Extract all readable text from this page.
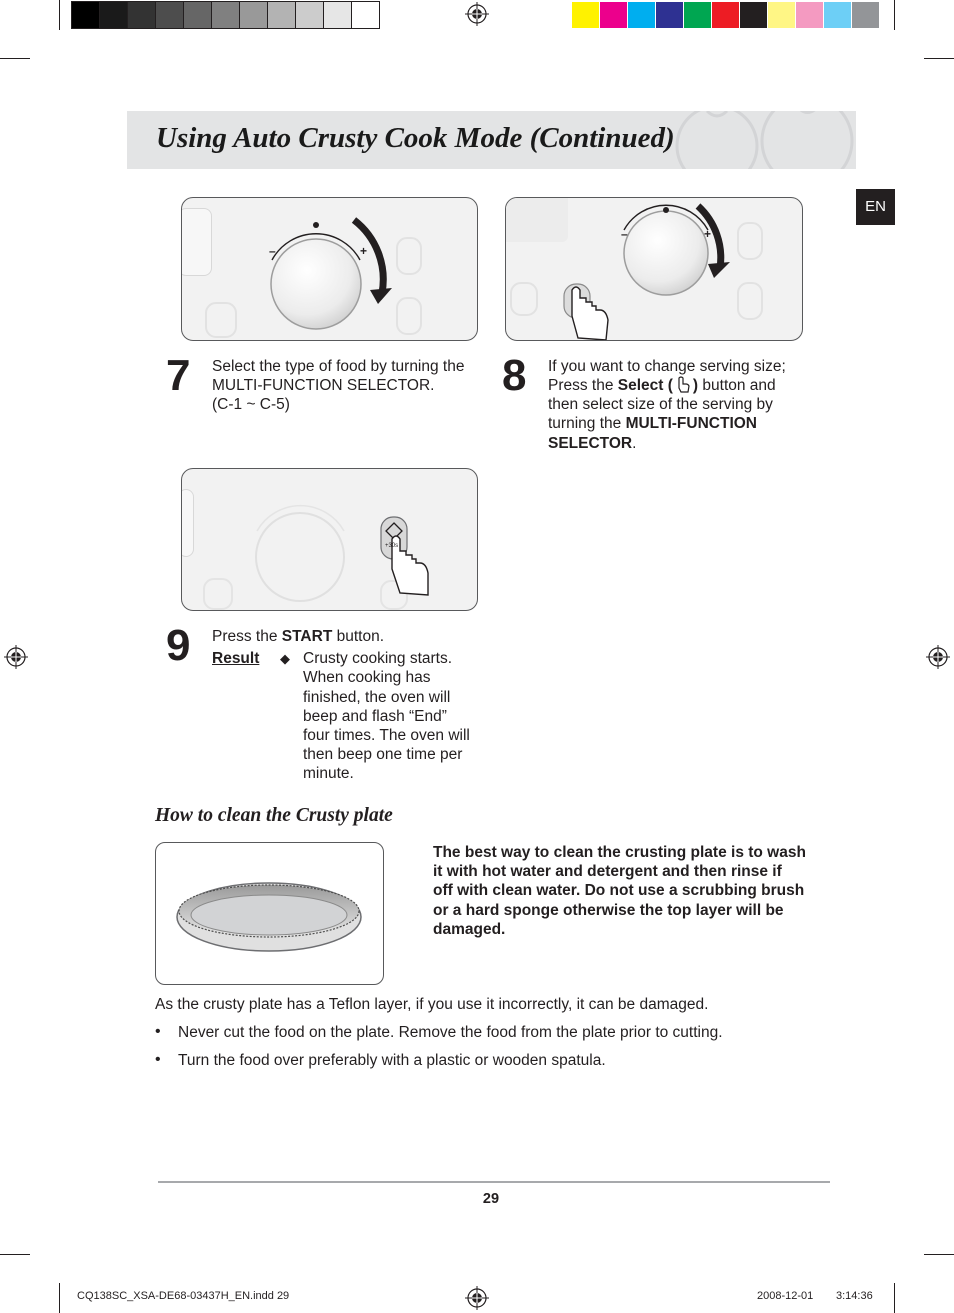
Using Auto Crusty Cook Mode (Continued)
EN
–	+
7 Select the type of food by turning the
MULTI-FUNCTION SELECTOR.
(C-1 ~ C-5)
–	+
8 If you want to change serving size;
Press the Select ( ) button and
then select size of the serving by
turning the MULTI-FUNCTION
SELECTOR.
+30s
9 Press the START button.
Result ◆ Crusty cooking starts.
When cooking has
finished, the oven will
beep and flash “End”
four times. The oven will
then beep one time per
minute.
How to clean the Crusty plate
The best way to clean the crusting plate is to wash
it with hot water and detergent and then rinse if
off with clean water. Do not use a scrubbing brush
or a hard sponge otherwise the top layer will be
damaged.
As the crusty plate has a Teflon layer, if you use it incorrectly, it can be damaged.
• Never cut the food on the plate. Remove the food from the plate prior to cutting.
• Turn the food over preferably with a plastic or wooden spatula.
29
CQ138SC_XSA-DE68-03437H_EN.indd 29	2008-12-01 3:14:36
